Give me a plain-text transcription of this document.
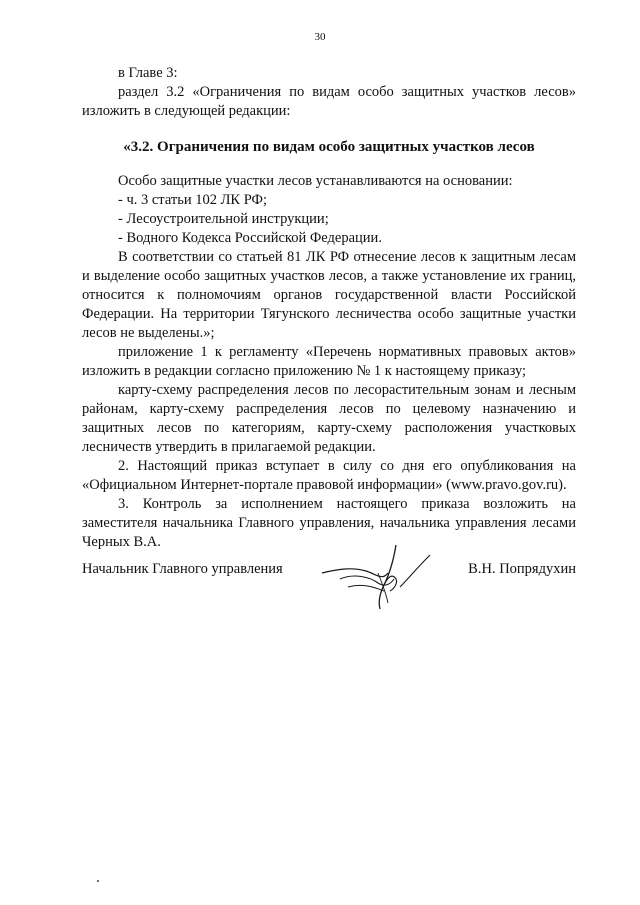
30

в Главе 3:

раздел 3.2 «Ограничения по видам особо защитных участков лесов» изложить в следующей редакции:

«3.2. Ограничения по видам особо защитных участков лесов

Особо защитные участки лесов устанавливаются на основании:

- ч. 3 статьи 102 ЛК РФ;

- Лесоустроительной инструкции;

- Водного Кодекса Российской Федерации.

В соответствии со статьей 81 ЛК РФ отнесение лесов к защитным лесам и выделение особо защитных участков лесов, а также установление их границ, относится к полномочиям органов государственной власти Российской Федерации. На территории Тягунского лесничества особо защитные участки лесов не выделены.»;

приложение 1 к регламенту «Перечень нормативных правовых актов» изложить в редакции согласно приложению № 1 к настоящему приказу;

карту-схему распределения лесов по лесорастительным зонам и лесным районам, карту-схему распределения лесов по целевому назначению и защитных лесов по категориям, карту-схему расположения участковых лесничеств утвердить в прилагаемой редакции.

2. Настоящий приказ вступает в силу со дня его опубликования на «Официальном Интернет-портале правовой информации» (www.pravo.gov.ru).

3. Контроль за исполнением настоящего приказа возложить на заместителя начальника Главного управления, начальника управления лесами Черных В.А.

Начальник Главного управления	В.Н. Попрядухин
